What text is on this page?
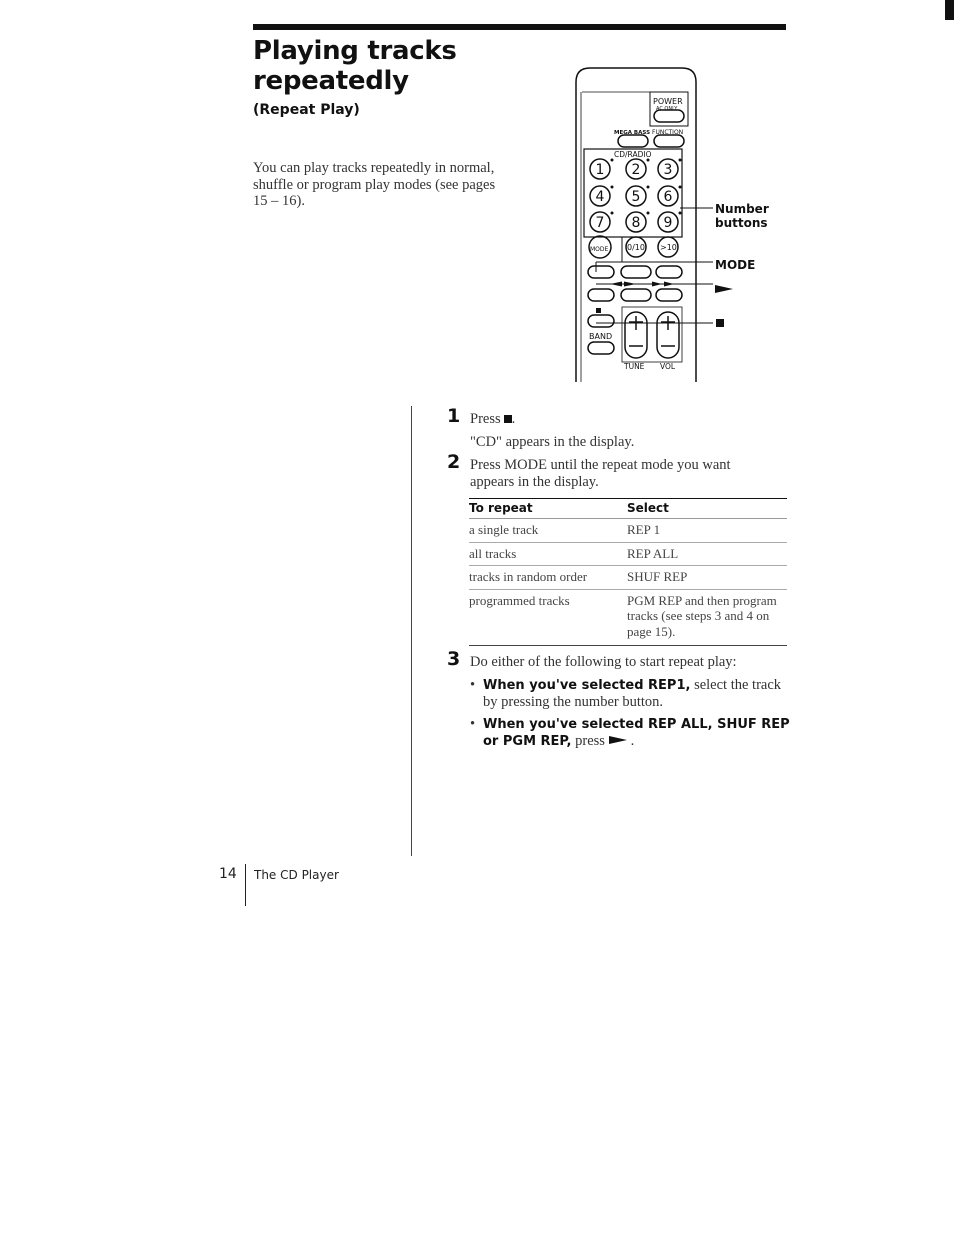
Playing tracks repeatedly
(Repeat Play)
You can play tracks repeatedly in normal, shuffle or program play modes (see pages 15 – 16).
1 2 3
4 5 6
7 8 9
POWER
AC ONLY
MEGA BASS FUNCTION
CD/RADIO
MODE 0/10 >10
BAND
TUNE VOL
Number buttons
MODE
1 Press .
"CD" appears in the display.
2 Press MODE until the repeat mode you want appears in the display.
To repeat	Select
a single track	REP 1
all tracks	REP ALL
tracks in random order	SHUF REP
programmed tracks	PGM REP and then program tracks (see steps 3 and 4 on page 15).
3 Do either of the following to start repeat play:
• When you've selected REP1, select the track by pressing the number button.
• When you've selected REP ALL, SHUF REP or PGM REP, press .
14 The CD Player
